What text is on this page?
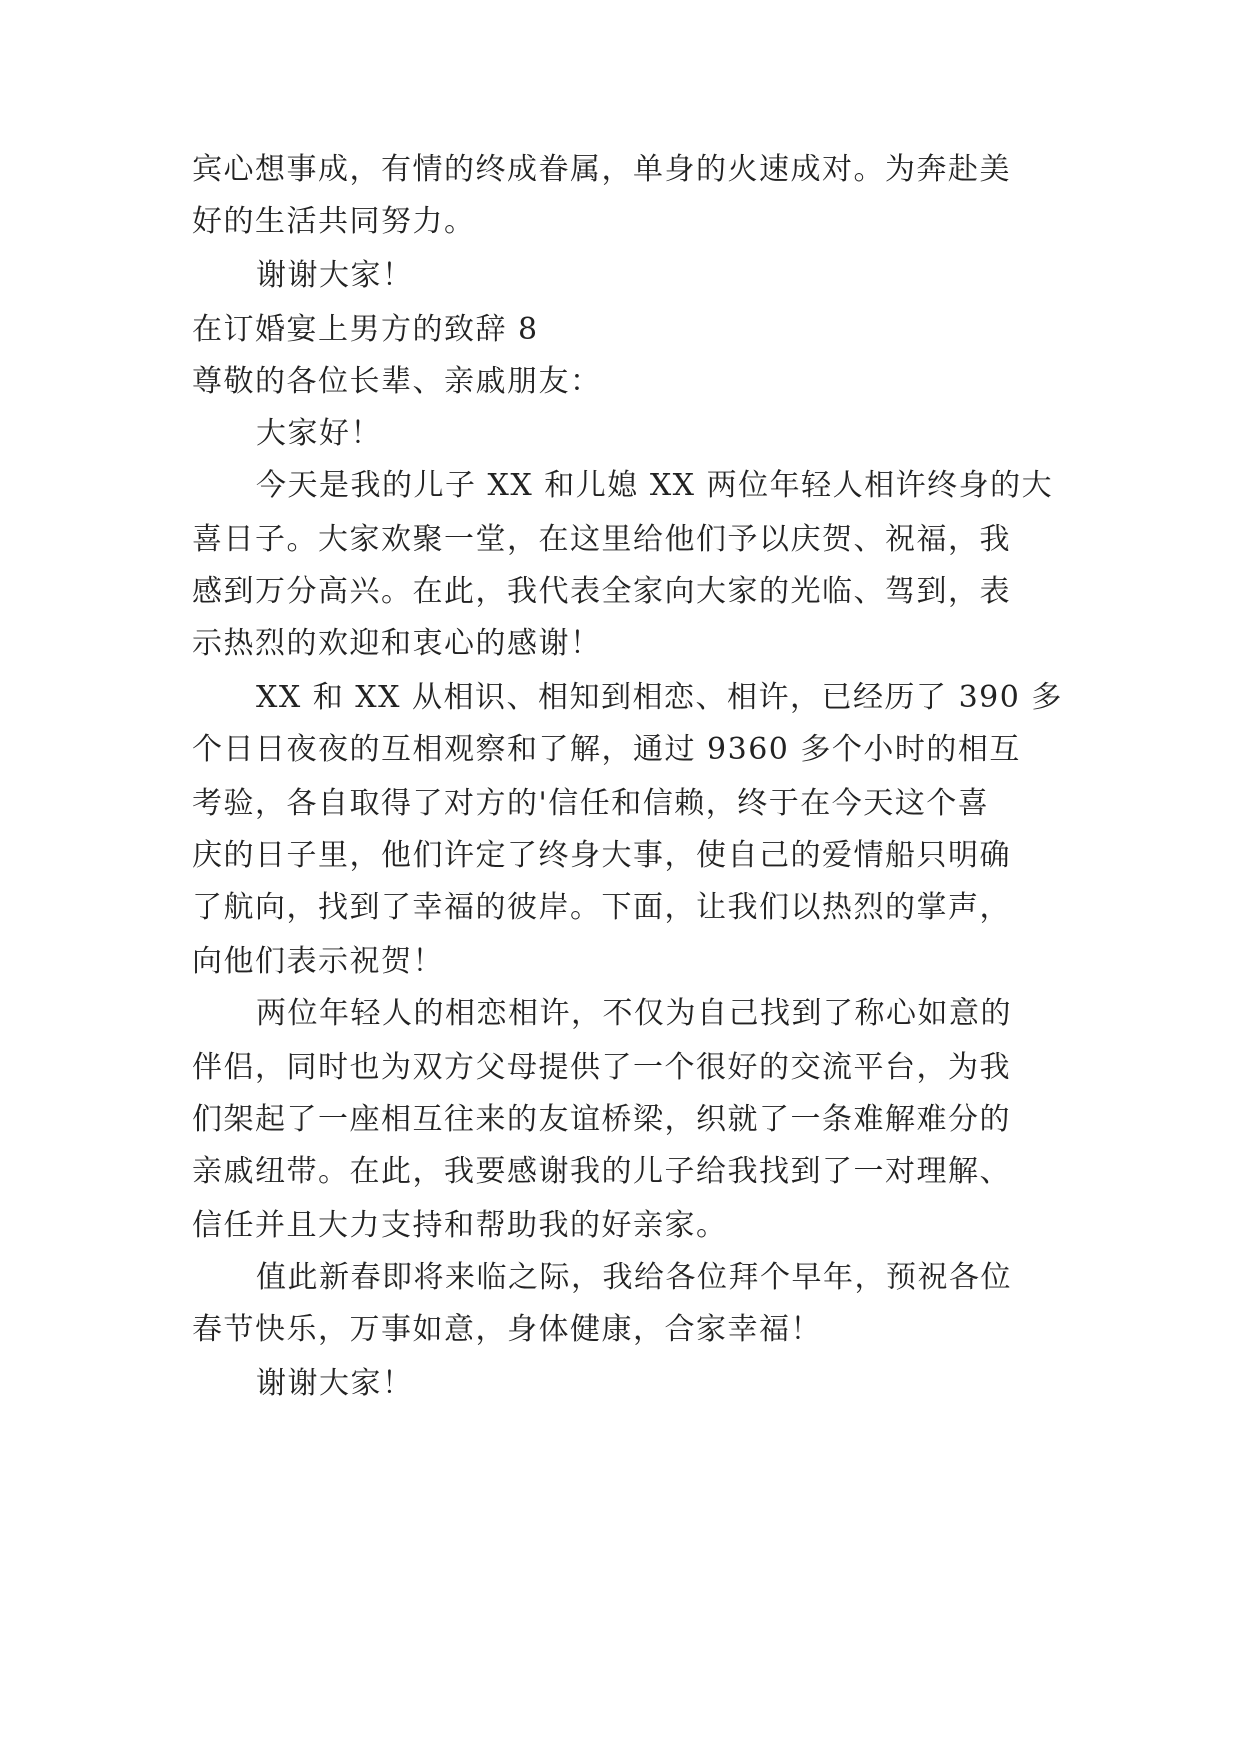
宾心想事成，有情的终成眷属，单身的火速成对。为奔赴美
好的生活共同努力。
谢谢大家！
在订婚宴上男方的致辞 8
尊敬的各位长辈、亲戚朋友：
大家好！
今天是我的儿子 XX 和儿媳 XX 两位年轻人相许终身的大
喜日子。大家欢聚一堂，在这里给他们予以庆贺、祝福，我
感到万分高兴。在此，我代表全家向大家的光临、驾到，表
示热烈的欢迎和衷心的感谢！
XX 和 XX 从相识、相知到相恋、相许，已经历了 390 多
个日日夜夜的互相观察和了解，通过 9360 多个小时的相互
考验，各自取得了对方的'信任和信赖，终于在今天这个喜
庆的日子里，他们许定了终身大事，使自己的爱情船只明确
了航向，找到了幸福的彼岸。下面，让我们以热烈的掌声，
向他们表示祝贺！
两位年轻人的相恋相许，不仅为自己找到了称心如意的
伴侣，同时也为双方父母提供了一个很好的交流平台，为我
们架起了一座相互往来的友谊桥梁，织就了一条难解难分的
亲戚纽带。在此，我要感谢我的儿子给我找到了一对理解、
信任并且大力支持和帮助我的好亲家。
值此新春即将来临之际，我给各位拜个早年，预祝各位
春节快乐，万事如意，身体健康，合家幸福！
谢谢大家！
